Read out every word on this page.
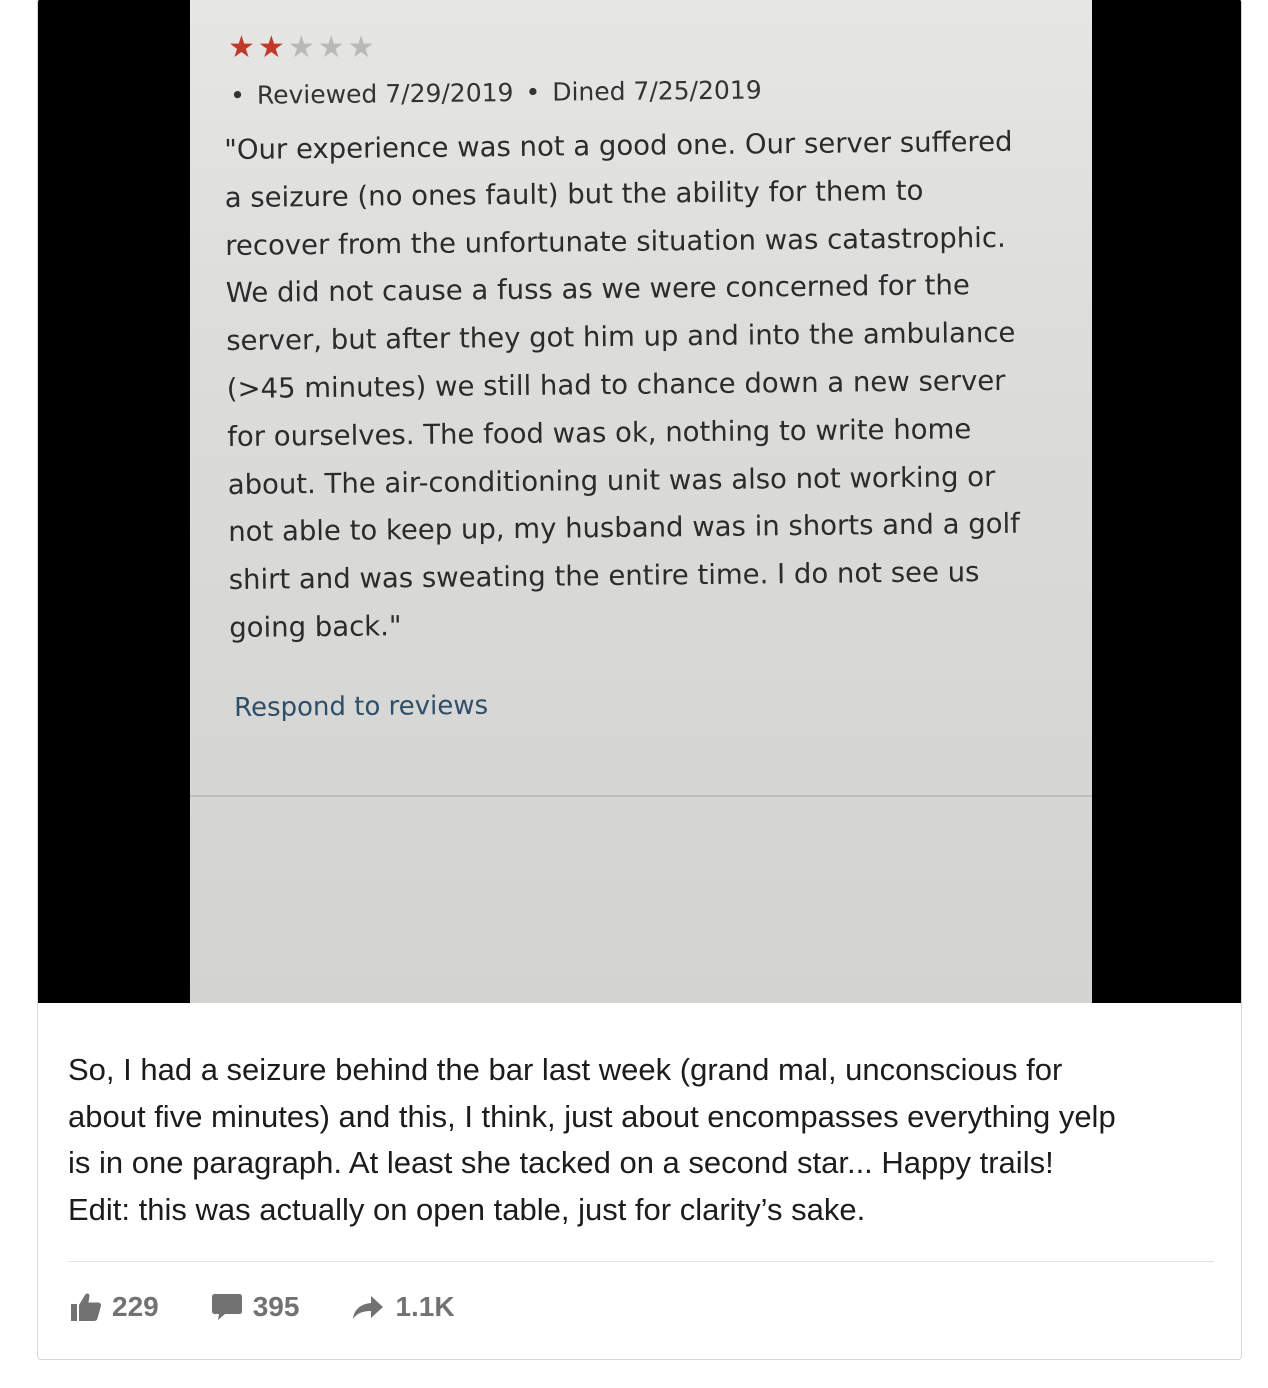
★ ★ ★ ★ ★
• Reviewed 7/29/2019 • Dined 7/25/2019
"Our experience was not a good one. Our server suffered
a seizure (no ones fault) but the ability for them to
recover from the unfortunate situation was catastrophic.
We did not cause a fuss as we were concerned for the
server, but after they got him up and into the ambulance
(>45 minutes) we still had to chance down a new server
for ourselves. The food was ok, nothing to write home
about. The air-conditioning unit was also not working or
not able to keep up, my husband was in shorts and a golf
shirt and was sweating the entire time. I do not see us
going back."
Respond to reviews
So, I had a seizure behind the bar last week (grand mal, unconscious for
about five minutes) and this, I think, just about encompasses everything yelp
is in one paragraph. At least she tacked on a second star... Happy trails!
Edit: this was actually on open table, just for clarity’s sake.
229	395	1.1K
